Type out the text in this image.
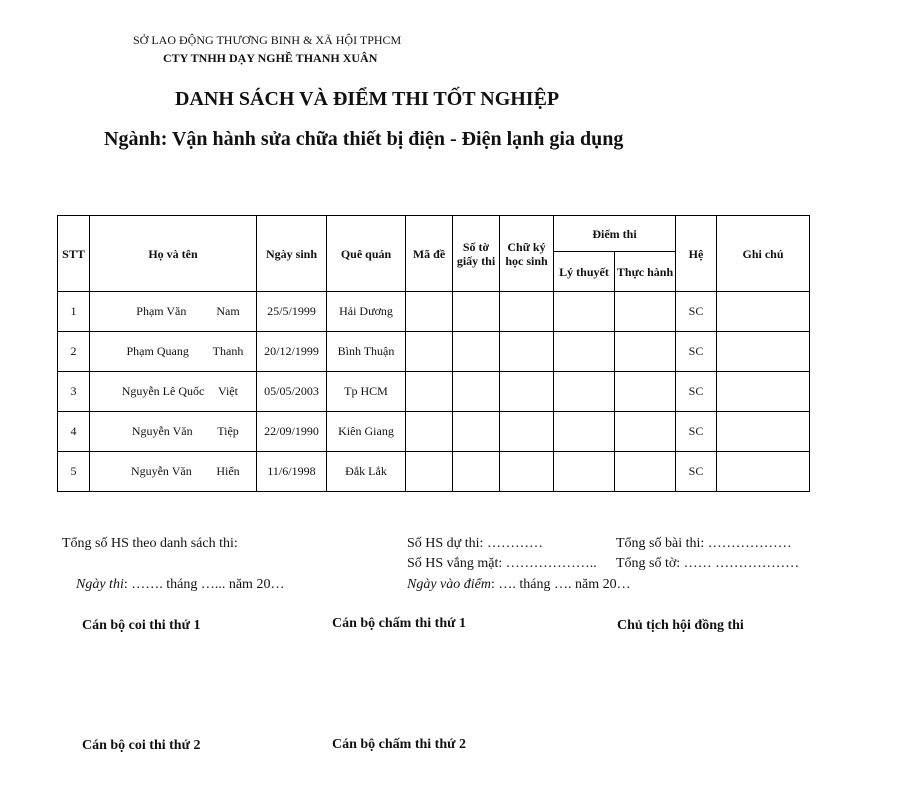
SỞ LAO ĐỘNG THƯƠNG BINH & XÃ HỘI TPHCM
CTY TNHH DẠY NGHỀ THANH XUÂN
DANH SÁCH VÀ ĐIỂM THI TỐT NGHIỆP
Ngành: Vận hành sửa chữa thiết bị điện - Điện lạnh gia dụng
STT	Họ và tên	Ngày sinh	Quê quán	Mã đề	Số tờ giấy thi	Chữ ký học sinh	Điểm thi		Hệ	Ghi chú
							Lý thuyết	Thực hành		
1	Phạm Văn Nam	25/5/1999	Hải Dương						SC	
2	Phạm Quang Thanh	20/12/1999	Bình Thuận						SC	
3	Nguyễn Lê Quốc Việt	05/05/2003	Tp HCM						SC	
4	Nguyễn Văn Tiệp	22/09/1990	Kiên Giang						SC	
5	Nguyễn Văn Hiển	11/6/1998	Đắk Lắk						SC	
Tổng số HS theo danh sách thi:	Số HS dự thi: …………	Tổng số bài thi: ………………
Số HS vắng mặt: ……………….. Tổng số tờ: …… ………………
Ngày thi: ……. tháng …... năm 20…	Ngày vào điểm: …. tháng …. năm 20…
Cán bộ coi thi thứ 1	Cán bộ chấm thi thứ 1	Chủ tịch hội đồng thi
Cán bộ coi thi thứ 2	Cán bộ chấm thi thứ 2
